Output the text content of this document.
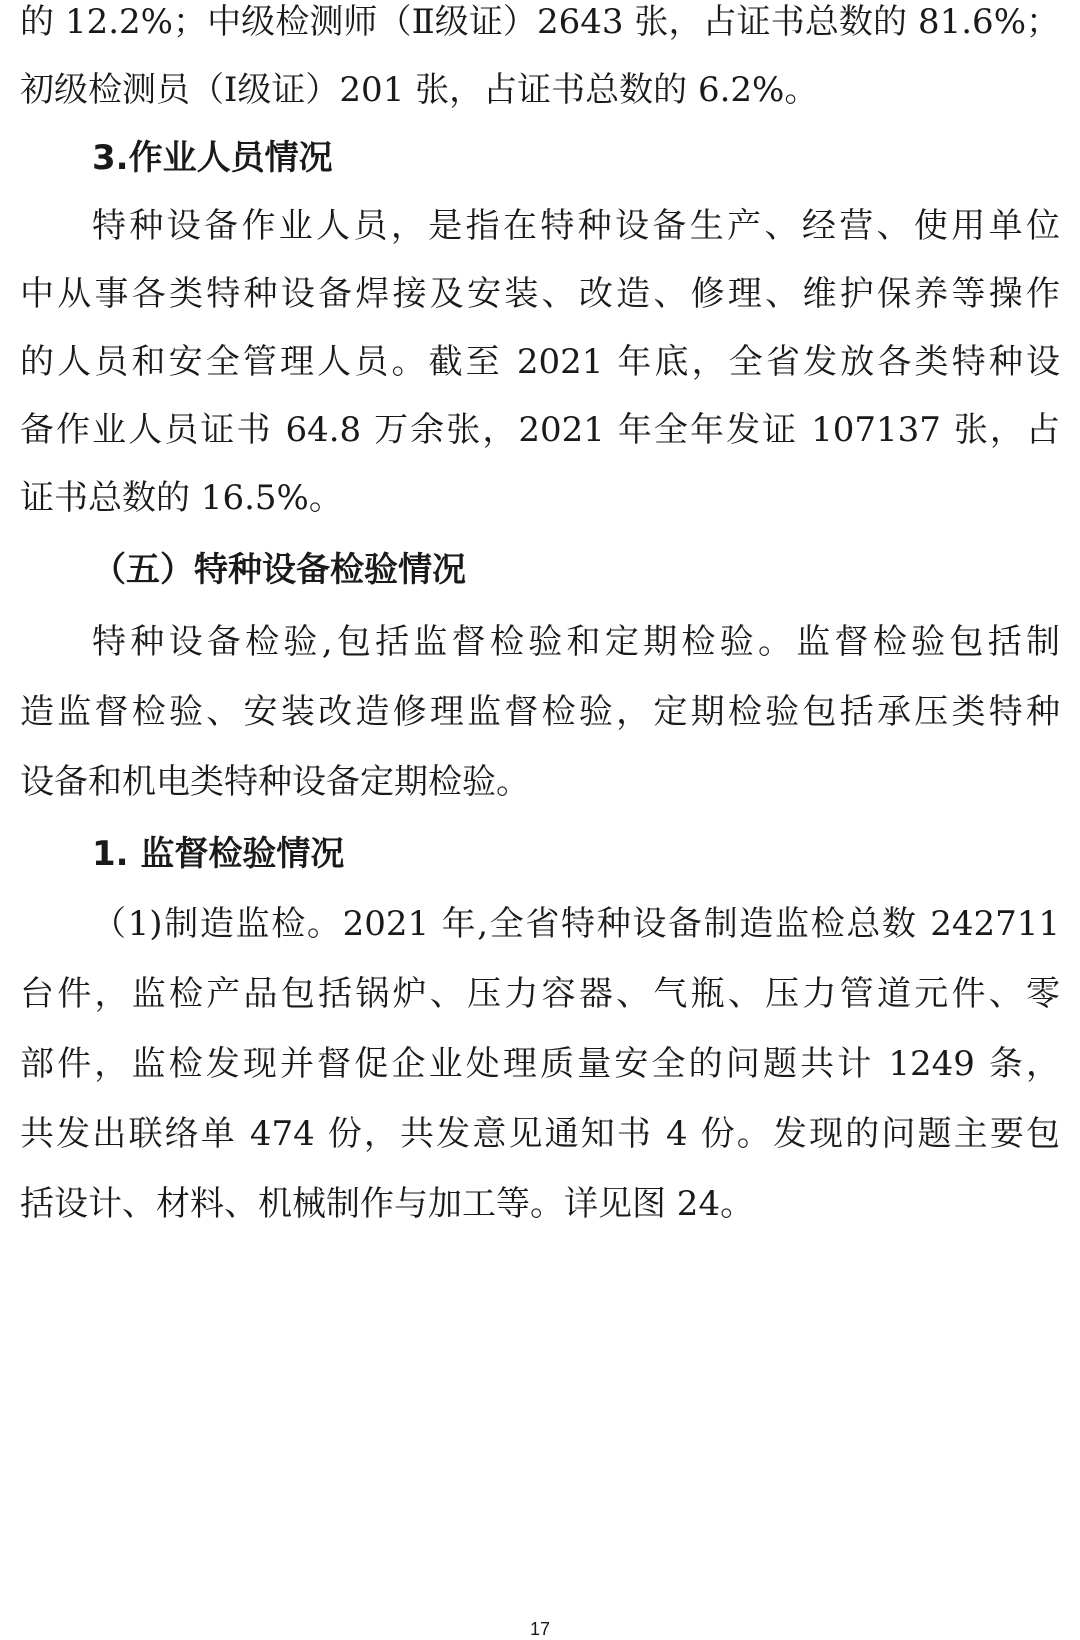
的 12.2%；中级检测师（Ⅱ级证）2643 张，占证书总数的 81.6%；
初级检测员（Ⅰ级证）201 张，占证书总数的 6.2%。
3.作业人员情况
特种设备作业人员，是指在特种设备生产、经营、使用单位
中从事各类特种设备焊接及安装、改造、修理、维护保养等操作
的人员和安全管理人员。截至 2021 年底，全省发放各类特种设
备作业人员证书 64.8 万余张，2021 年全年发证 107137 张，占
证书总数的 16.5%。
（五）特种设备检验情况
特种设备检验,包括监督检验和定期检验。监督检验包括制
造监督检验、安装改造修理监督检验，定期检验包括承压类特种
设备和机电类特种设备定期检验。
1. 监督检验情况
（1)制造监检。2021 年,全省特种设备制造监检总数 242711
台件，监检产品包括锅炉、压力容器、气瓶、压力管道元件、零
部件，监检发现并督促企业处理质量安全的问题共计 1249 条，
共发出联络单 474 份，共发意见通知书 4 份。发现的问题主要包
括设计、材料、机械制作与加工等。详见图 24。
17
